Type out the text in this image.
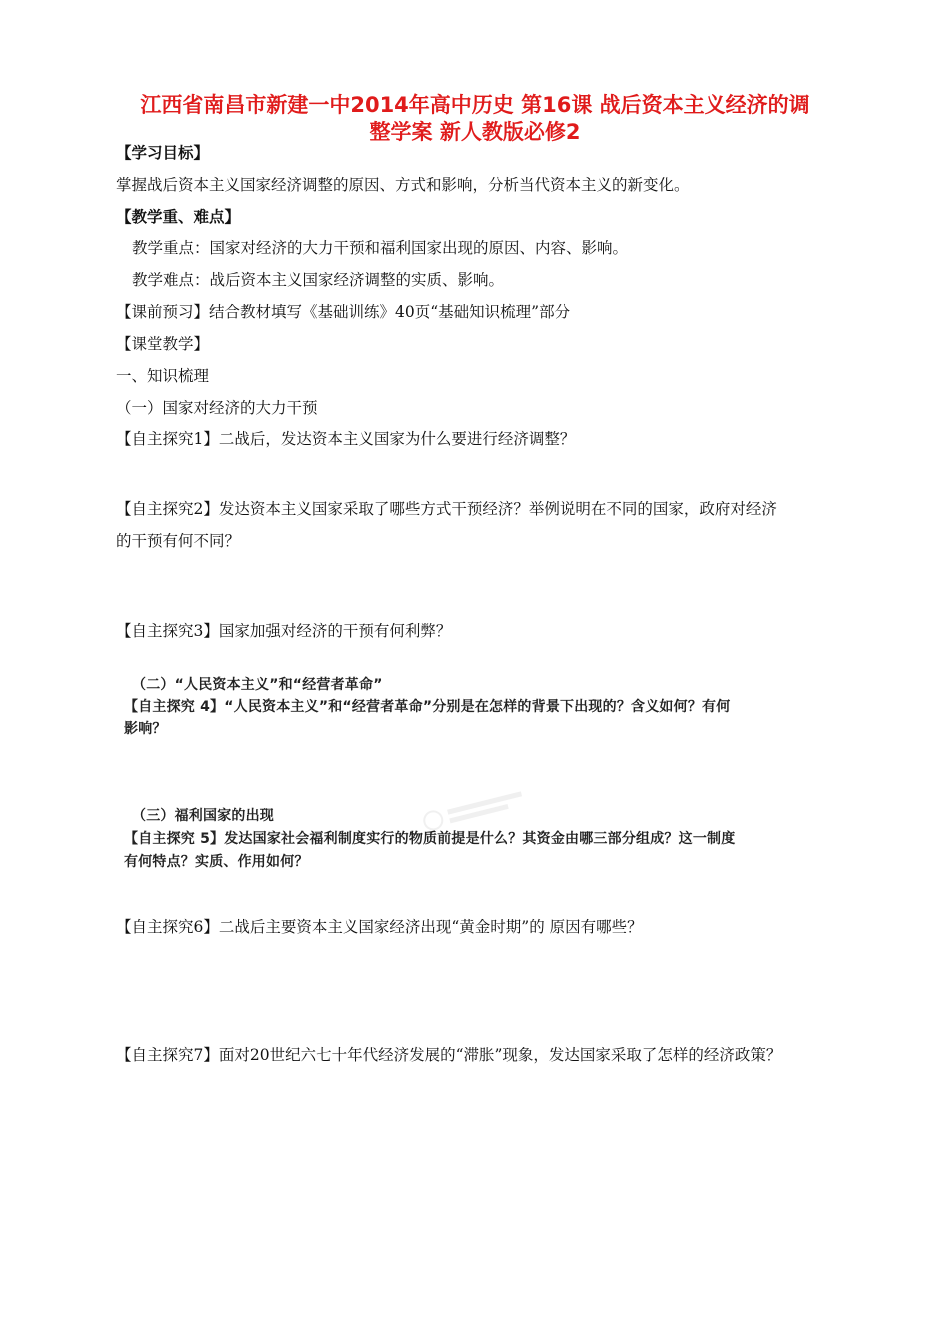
江西省南昌市新建一中2014年高中历史 第16课 战后资本主义经济的调
整学案 新人教版必修2
【学习目标】
掌握战后资本主义国家经济调整的原因、方式和影响，分析当代资本主义的新变化。
【教学重、难点】
教学重点：国家对经济的大力干预和福利国家出现的原因、内容、影响。
教学难点：战后资本主义国家经济调整的实质、影响。
【课前预习】结合教材填写《基础训练》40页“基础知识梳理”部分
【课堂教学】
一、知识梳理
（一）国家对经济的大力干预
【自主探究1】二战后，发达资本主义国家为什么要进行经济调整？
【自主探究2】发达资本主义国家采取了哪些方式干预经济？举例说明在不同的国家，政府对经济
的干预有何不同？
【自主探究3】国家加强对经济的干预有何利弊？
（二）“人民资本主义”和“经营者革命”
【自主探究 4】“人民资本主义”和“经营者革命”分别是在怎样的背景下出现的？含义如何？有何
影响？
（三）福利国家的出现
【自主探究 5】发达国家社会福利制度实行的物质前提是什么？其资金由哪三部分组成？这一制度
有何特点？实质、作用如何？
【自主探究6】二战后主要资本主义国家经济出现“黄金时期”的 原因有哪些？
【自主探究7】面对20世纪六七十年代经济发展的“滞胀”现象，发达国家采取了怎样的经济政策？
